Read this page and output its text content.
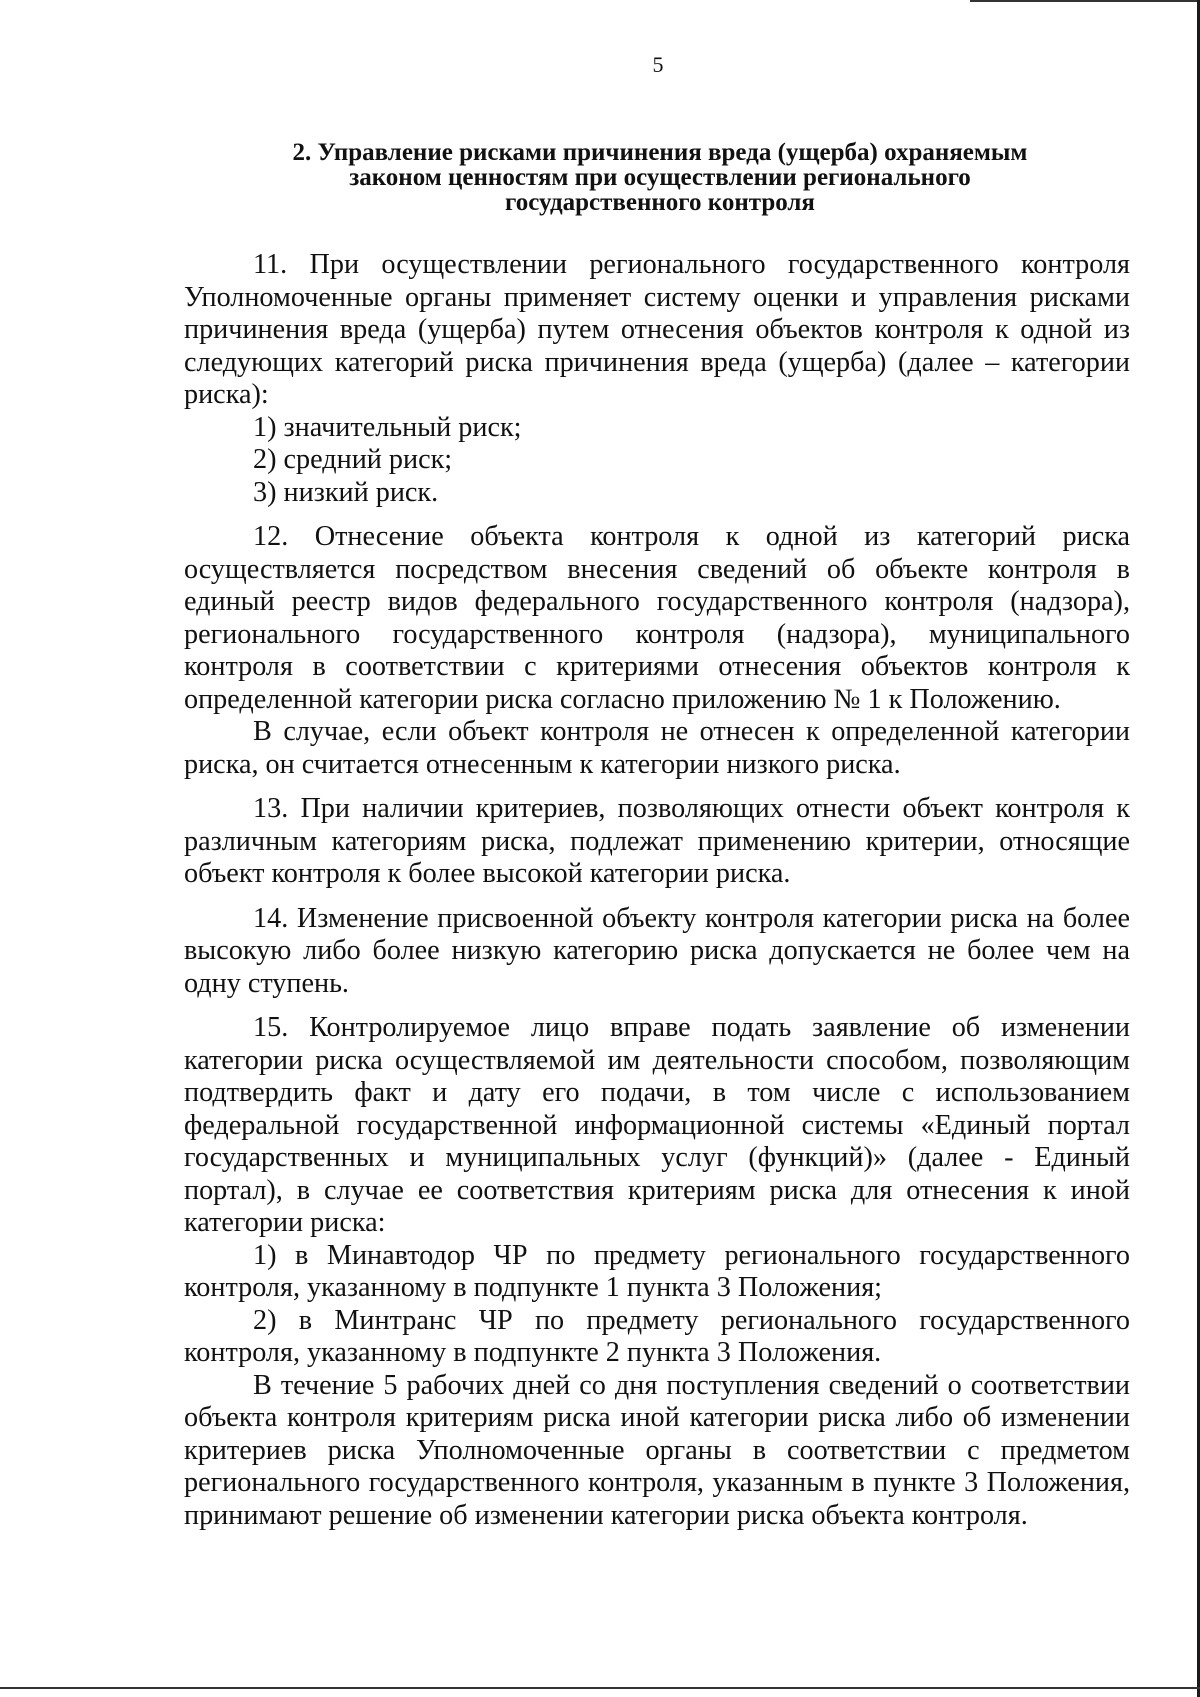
5
2. Управление рисками причинения вреда (ущерба) охраняемым
законом ценностям при осуществлении регионального
государственного контроля

11. При осуществлении регионального государственного контроля Уполномоченные органы применяет систему оценки и управления рисками причинения вреда (ущерба) путем отнесения объектов контроля к одной из следующих категорий риска причинения вреда (ущерба) (далее – категории риска):

1) значительный риск;

2) средний риск;

3) низкий риск.

12. Отнесение объекта контроля к одной из категорий риска осуществляется посредством внесения сведений об объекте контроля в единый реестр видов федерального государственного контроля (надзора), регионального государственного контроля (надзора), муниципального контроля в соответствии с критериями отнесения объектов контроля к определенной категории риска согласно приложению № 1 к Положению.

В случае, если объект контроля не отнесен к определенной категории риска, он считается отнесенным к категории низкого риска.

13. При наличии критериев, позволяющих отнести объект контроля к различным категориям риска, подлежат применению критерии, относящие объект контроля к более высокой категории риска.

14. Изменение присвоенной объекту контроля категории риска на более высокую либо более низкую категорию риска допускается не более чем на одну ступень.

15. Контролируемое лицо вправе подать заявление об изменении категории риска осуществляемой им деятельности способом, позволяющим подтвердить факт и дату его подачи, в том числе с использованием федеральной государственной информационной системы «Единый портал государственных и муниципальных услуг (функций)» (далее - Единый портал), в случае ее соответствия критериям риска для отнесения к иной категории риска:

1) в Минавтодор ЧР по предмету регионального государственного контроля, указанному в подпункте 1 пункта 3 Положения;

2) в Минтранс ЧР по предмету регионального государственного контроля, указанному в подпункте 2 пункта 3 Положения.

В течение 5 рабочих дней со дня поступления сведений о соответствии объекта контроля критериям риска иной категории риска либо об изменении критериев риска Уполномоченные органы в соответствии с предметом регионального государственного контроля, указанным в пункте 3 Положения, принимают решение об изменении категории риска объекта контроля.
